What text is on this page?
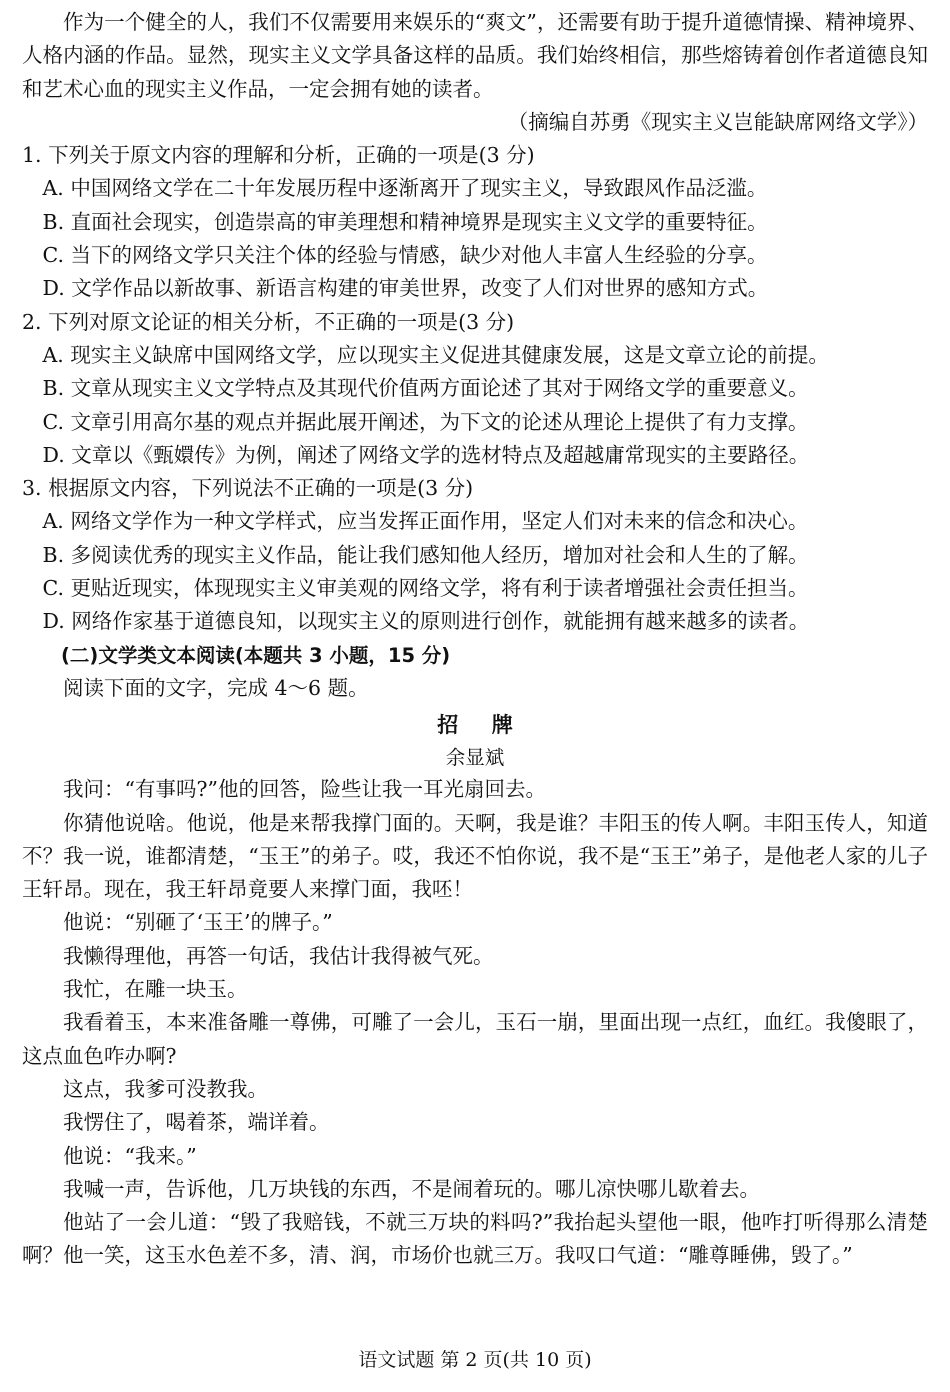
作为一个健全的人，我们不仅需要用来娱乐的“爽文”，还需要有助于提升道德情操、精神境界、人格内涵的作品。显然，现实主义文学具备这样的品质。我们始终相信，那些熔铸着创作者道德良知和艺术心血的现实主义作品，一定会拥有她的读者。

（摘编自苏勇《现实主义岂能缺席网络文学》）

1. 下列关于原文内容的理解和分析，正确的一项是(3 分)

A. 中国网络文学在二十年发展历程中逐渐离开了现实主义，导致跟风作品泛滥。

B. 直面社会现实，创造崇高的审美理想和精神境界是现实主义文学的重要特征。

C. 当下的网络文学只关注个体的经验与情感，缺少对他人丰富人生经验的分享。

D. 文学作品以新故事、新语言构建的审美世界，改变了人们对世界的感知方式。

2. 下列对原文论证的相关分析，不正确的一项是(3 分)

A. 现实主义缺席中国网络文学，应以现实主义促进其健康发展，这是文章立论的前提。

B. 文章从现实主义文学特点及其现代价值两方面论述了其对于网络文学的重要意义。

C. 文章引用高尔基的观点并据此展开阐述，为下文的论述从理论上提供了有力支撑。

D. 文章以《甄嬛传》为例，阐述了网络文学的选材特点及超越庸常现实的主要路径。

3. 根据原文内容，下列说法不正确的一项是(3 分)

A. 网络文学作为一种文学样式，应当发挥正面作用，坚定人们对未来的信念和决心。

B. 多阅读优秀的现实主义作品，能让我们感知他人经历，增加对社会和人生的了解。

C. 更贴近现实，体现现实主义审美观的网络文学，将有利于读者增强社会责任担当。

D. 网络作家基于道德良知，以现实主义的原则进行创作，就能拥有越来越多的读者。

(二)文学类文本阅读(本题共 3 小题，15 分)

阅读下面的文字，完成 4～6 题。

招牌

余显斌

我问：“有事吗?”他的回答，险些让我一耳光扇回去。

你猜他说啥。他说，他是来帮我撑门面的。天啊，我是谁？丰阳玉的传人啊。丰阳玉传人，知道不？我一说，谁都清楚，“玉王”的弟子。哎，我还不怕你说，我不是“玉王”弟子，是他老人家的儿子王轩昂。现在，我王轩昂竟要人来撑门面，我呸！

他说：“别砸了‘玉王’的牌子。”

我懒得理他，再答一句话，我估计我得被气死。

我忙，在雕一块玉。

我看着玉，本来准备雕一尊佛，可雕了一会儿，玉石一崩，里面出现一点红，血红。我傻眼了，这点血色咋办啊?

这点，我爹可没教我。

我愣住了，喝着茶，端详着。

他说：“我来。”

我喊一声，告诉他，几万块钱的东西，不是闹着玩的。哪儿凉快哪儿歇着去。

他站了一会儿道：“毁了我赔钱，不就三万块的料吗?”我抬起头望他一眼，他咋打听得那么清楚啊？他一笑，这玉水色差不多，清、润，市场价也就三万。我叹口气道：“雕尊睡佛，毁了。”

语文试题 第 2 页(共 10 页)
